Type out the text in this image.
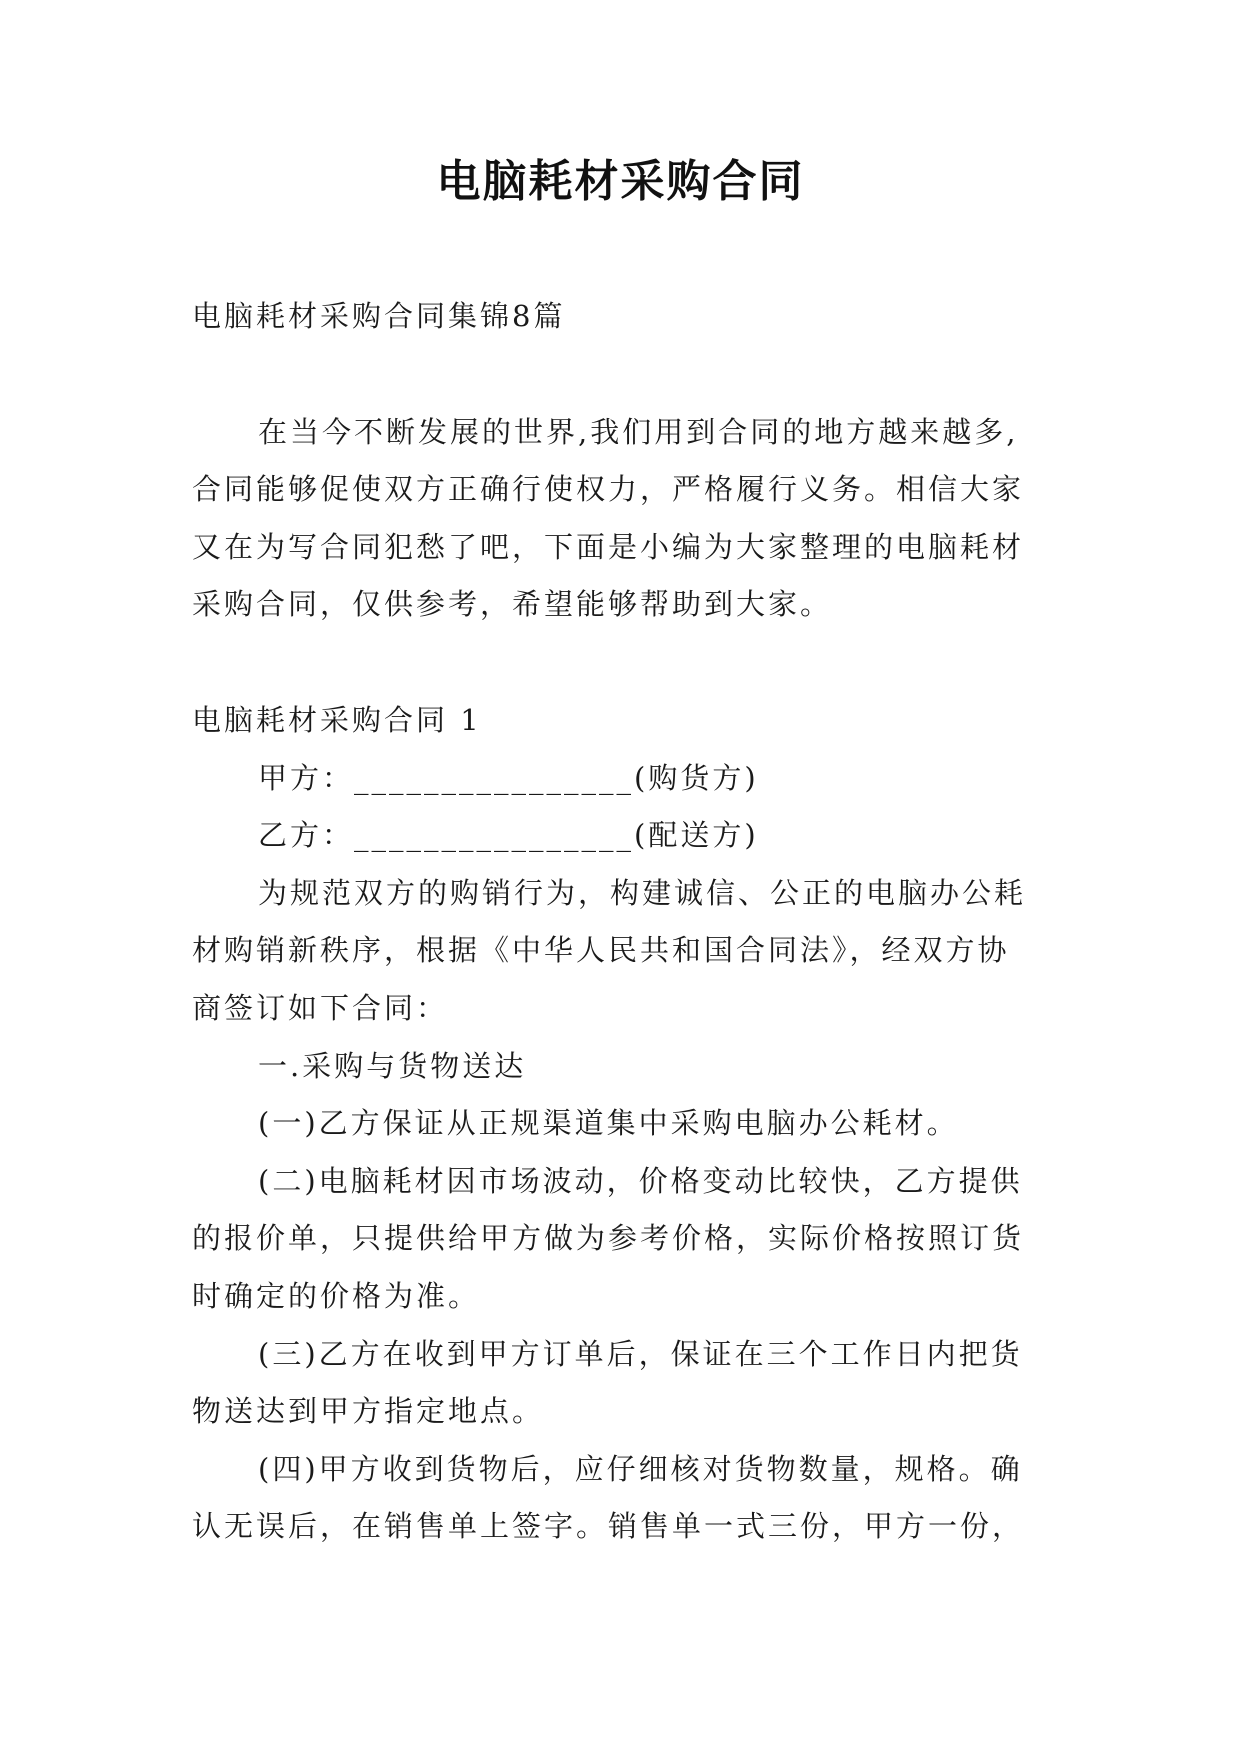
电脑耗材采购合同

电脑耗材采购合同集锦8篇

在当今不断发展的世界,我们用到合同的地方越来越多,

合同能够促使双方正确行使权力，严格履行义务。相信大家

又在为写合同犯愁了吧，下面是小编为大家整理的电脑耗材

采购合同，仅供参考，希望能够帮助到大家。

电脑耗材采购合同 1

甲方：________________(购货方)

乙方：________________(配送方)

为规范双方的购销行为，构建诚信、公正的电脑办公耗

材购销新秩序，根据《中华人民共和国合同法》，经双方协

商签订如下合同：

一.采购与货物送达

(一)乙方保证从正规渠道集中采购电脑办公耗材。

(二)电脑耗材因市场波动，价格变动比较快，乙方提供

的报价单，只提供给甲方做为参考价格，实际价格按照订货

时确定的价格为准。

(三)乙方在收到甲方订单后，保证在三个工作日内把货

物送达到甲方指定地点。

(四)甲方收到货物后，应仔细核对货物数量，规格。确

认无误后，在销售单上签字。销售单一式三份，甲方一份，
